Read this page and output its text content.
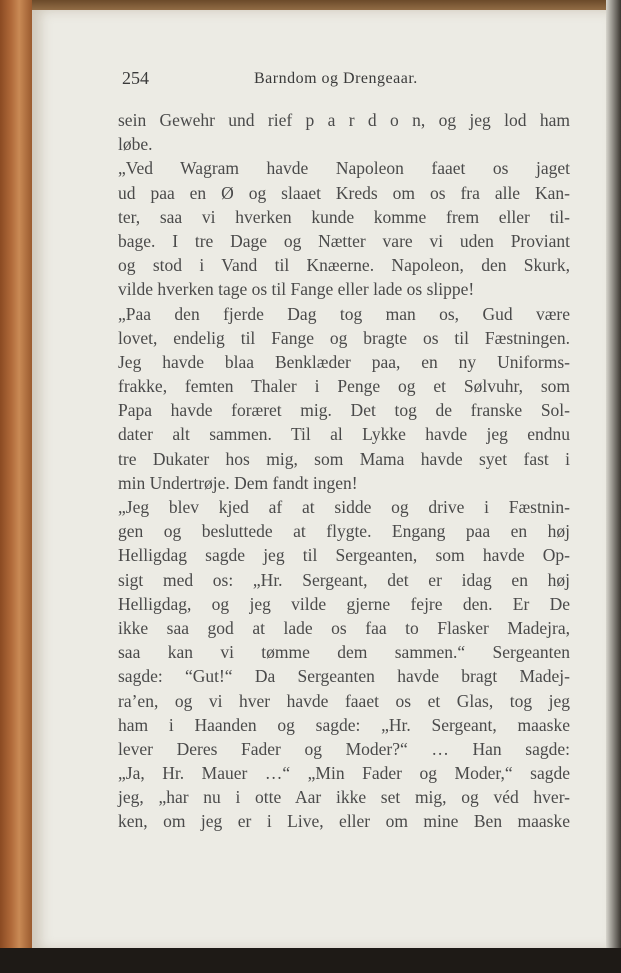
254	Barndom og Drengeaar.
sein Gewehr und rief p a r d o n, og jeg lod ham
løbe.
„Ved Wagram havde Napoleon faaet os jaget
ud paa en Ø og slaaet Kreds om os fra alle Kan-
ter, saa vi hverken kunde komme frem eller til-
bage. I tre Dage og Nætter vare vi uden Proviant
og stod i Vand til Knæerne. Napoleon, den Skurk,
vilde hverken tage os til Fange eller lade os slippe!
„Paa den fjerde Dag tog man os, Gud være
lovet, endelig til Fange og bragte os til Fæstningen.
Jeg havde blaa Benklæder paa, en ny Uniforms-
frakke, femten Thaler i Penge og et Sølvuhr, som
Papa havde foræret mig. Det tog de franske Sol-
dater alt sammen. Til al Lykke havde jeg endnu
tre Dukater hos mig, som Mama havde syet fast i
min Undertrøje. Dem fandt ingen!
„Jeg blev kjed af at sidde og drive i Fæstnin-
gen og besluttede at flygte. Engang paa en høj
Helligdag sagde jeg til Sergeanten, som havde Op-
sigt med os: „Hr. Sergeant, det er idag en høj
Helligdag, og jeg vilde gjerne fejre den. Er De
ikke saa god at lade os faa to Flasker Madejra,
saa kan vi tømme dem sammen.“ Sergeanten
sagde: “Gut!“ Da Sergeanten havde bragt Madej-
ra’en, og vi hver havde faaet os et Glas, tog jeg
ham i Haanden og sagde: „Hr. Sergeant, maaske
lever Deres Fader og Moder?“ … Han sagde:
„Ja, Hr. Mauer …“ „Min Fader og Moder,“ sagde
jeg, „har nu i otte Aar ikke set mig, og véd hver-
ken, om jeg er i Live, eller om mine Ben maaske
